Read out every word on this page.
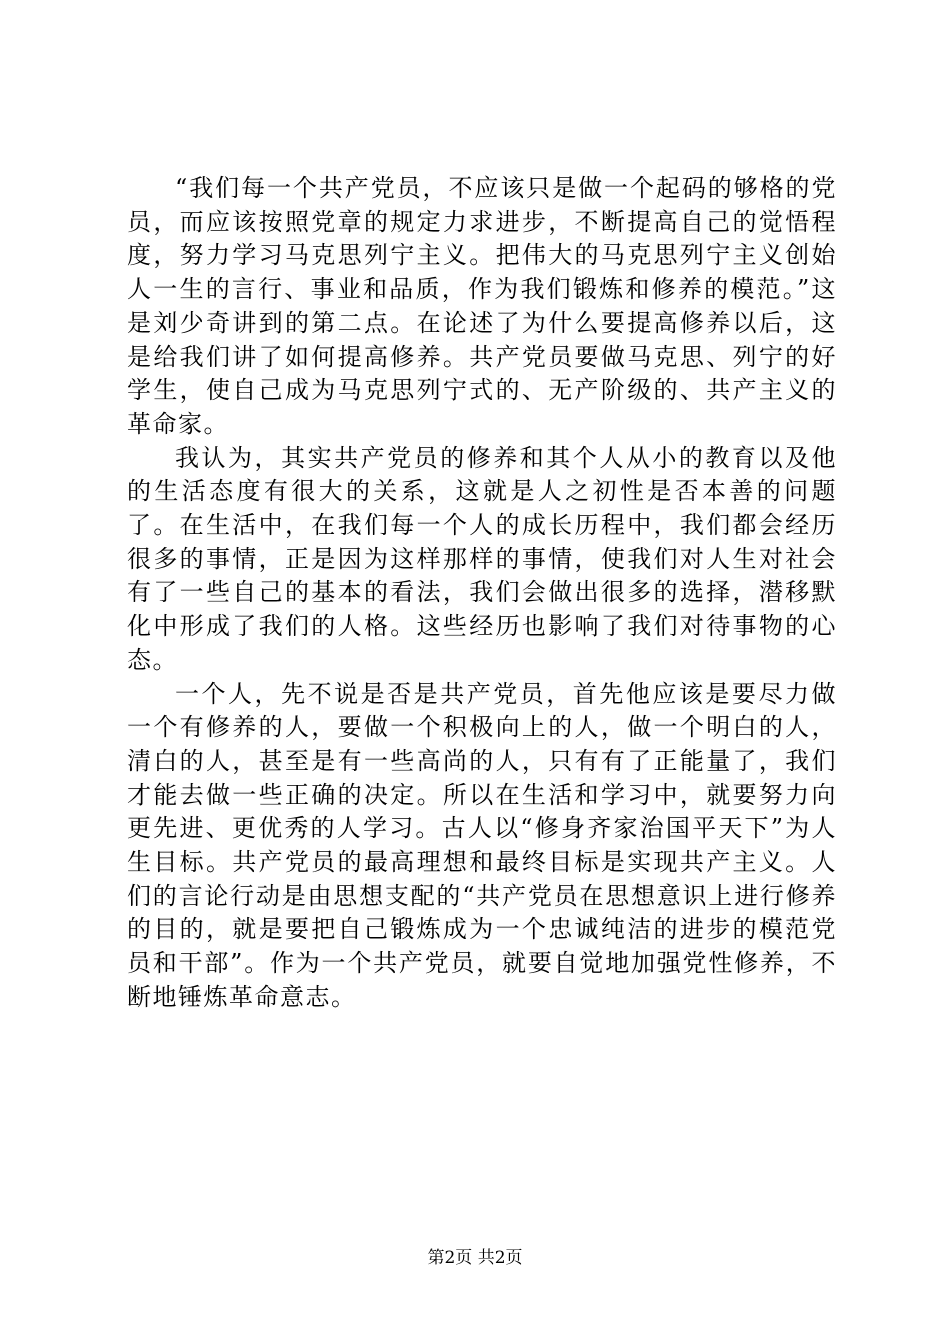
“我们每一个共产党员，不应该只是做一个起码的够格的党员，而应该按照党章的规定力求进步，不断提高自己的觉悟程度，努力学习马克思列宁主义。把伟大的马克思列宁主义创始人一生的言行、事业和品质，作为我们锻炼和修养的模范。”这是刘少奇讲到的第二点。在论述了为什么要提高修养以后，这是给我们讲了如何提高修养。共产党员要做马克思、列宁的好学生，使自己成为马克思列宁式的、无产阶级的、共产主义的革命家。

我认为，其实共产党员的修养和其个人从小的教育以及他的生活态度有很大的关系，这就是人之初性是否本善的问题了。在生活中，在我们每一个人的成长历程中，我们都会经历很多的事情，正是因为这样那样的事情，使我们对人生对社会有了一些自己的基本的看法，我们会做出很多的选择，潜移默化中形成了我们的人格。这些经历也影响了我们对待事物的心态。

一个人，先不说是否是共产党员，首先他应该是要尽力做一个有修养的人，要做一个积极向上的人，做一个明白的人，清白的人，甚至是有一些高尚的人，只有有了正能量了，我们才能去做一些正确的决定。所以在生活和学习中，就要努力向更先进、更优秀的人学习。古人以“修身齐家治国平天下”为人生目标。共产党员的最高理想和最终目标是实现共产主义。人们的言论行动是由思想支配的“共产党员在思想意识上进行修养的目的，就是要把自己锻炼成为一个忠诚纯洁的进步的模范党员和干部”。作为一个共产党员，就要自觉地加强党性修养，不断地锤炼革命意志。

第2页 共2页
